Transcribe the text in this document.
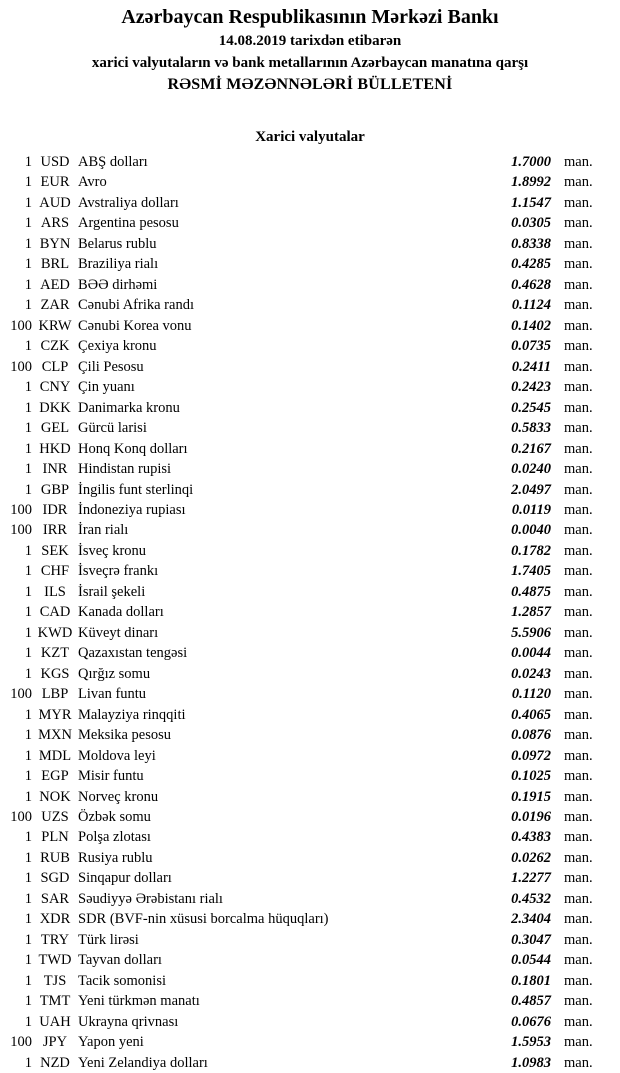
Azərbaycan Respublikasının Mərkəzi Bankı
14.08.2019 tarixdən etibarən
xarici valyutaların və bank metallarının Azərbaycan manatına qarşı
RƏSMİ MƏZƏNNƏLƏRİ BÜLLETENİ
Xarici valyutalar
1 USD ABŞ dolları	1.7000 man.
1 EUR Avro	1.8992 man.
1 AUD Avstraliya dolları	1.1547 man.
1 ARS Argentina pesosu	0.0305 man.
1 BYN Belarus rublu	0.8338 man.
1 BRL Braziliya rialı	0.4285 man.
1 AED BƏƏ dirhəmi	0.4628 man.
1 ZAR Cənubi Afrika randı	0.1124 man.
100 KRW Cənubi Korea vonu	0.1402 man.
1 CZK Çexiya kronu	0.0735 man.
100 CLP Çili Pesosu	0.2411 man.
1 CNY Çin yuanı	0.2423 man.
1 DKK Danimarka kronu	0.2545 man.
1 GEL Gürcü larisi	0.5833 man.
1 HKD Honq Konq dolları	0.2167 man.
1 INR Hindistan rupisi	0.0240 man.
1 GBP İngilis funt sterlinqi	2.0497 man.
100 IDR İndoneziya rupiası	0.0119 man.
100 IRR İran rialı	0.0040 man.
1 SEK İsveç kronu	0.1782 man.
1 CHF İsveçrə frankı	1.7405 man.
1 ILS İsrail şekeli	0.4875 man.
1 CAD Kanada dolları	1.2857 man.
1 KWD Küveyt dinarı	5.5906 man.
1 KZT Qazaxıstan tengəsi	0.0044 man.
1 KGS Qırğız somu	0.0243 man.
100 LBP Livan funtu	0.1120 man.
1 MYR Malayziya rinqqiti	0.4065 man.
1 MXN Meksika pesosu	0.0876 man.
1 MDL Moldova leyi	0.0972 man.
1 EGP Misir funtu	0.1025 man.
1 NOK Norveç kronu	0.1915 man.
100 UZS Özbək somu	0.0196 man.
1 PLN Polşa zlotası	0.4383 man.
1 RUB Rusiya rublu	0.0262 man.
1 SGD Sinqapur dolları	1.2277 man.
1 SAR Səudiyyə Ərəbistanı rialı	0.4532 man.
1 XDR SDR (BVF-nin xüsusi borcalma hüquqları)	2.3404 man.
1 TRY Türk lirəsi	0.3047 man.
1 TWD Tayvan dolları	0.0544 man.
1 TJS Tacik somonisi	0.1801 man.
1 TMT Yeni türkmən manatı	0.4857 man.
1 UAH Ukrayna qrivnası	0.0676 man.
100 JPY Yapon yeni	1.5953 man.
1 NZD Yeni Zelandiya dolları	1.0983 man.
